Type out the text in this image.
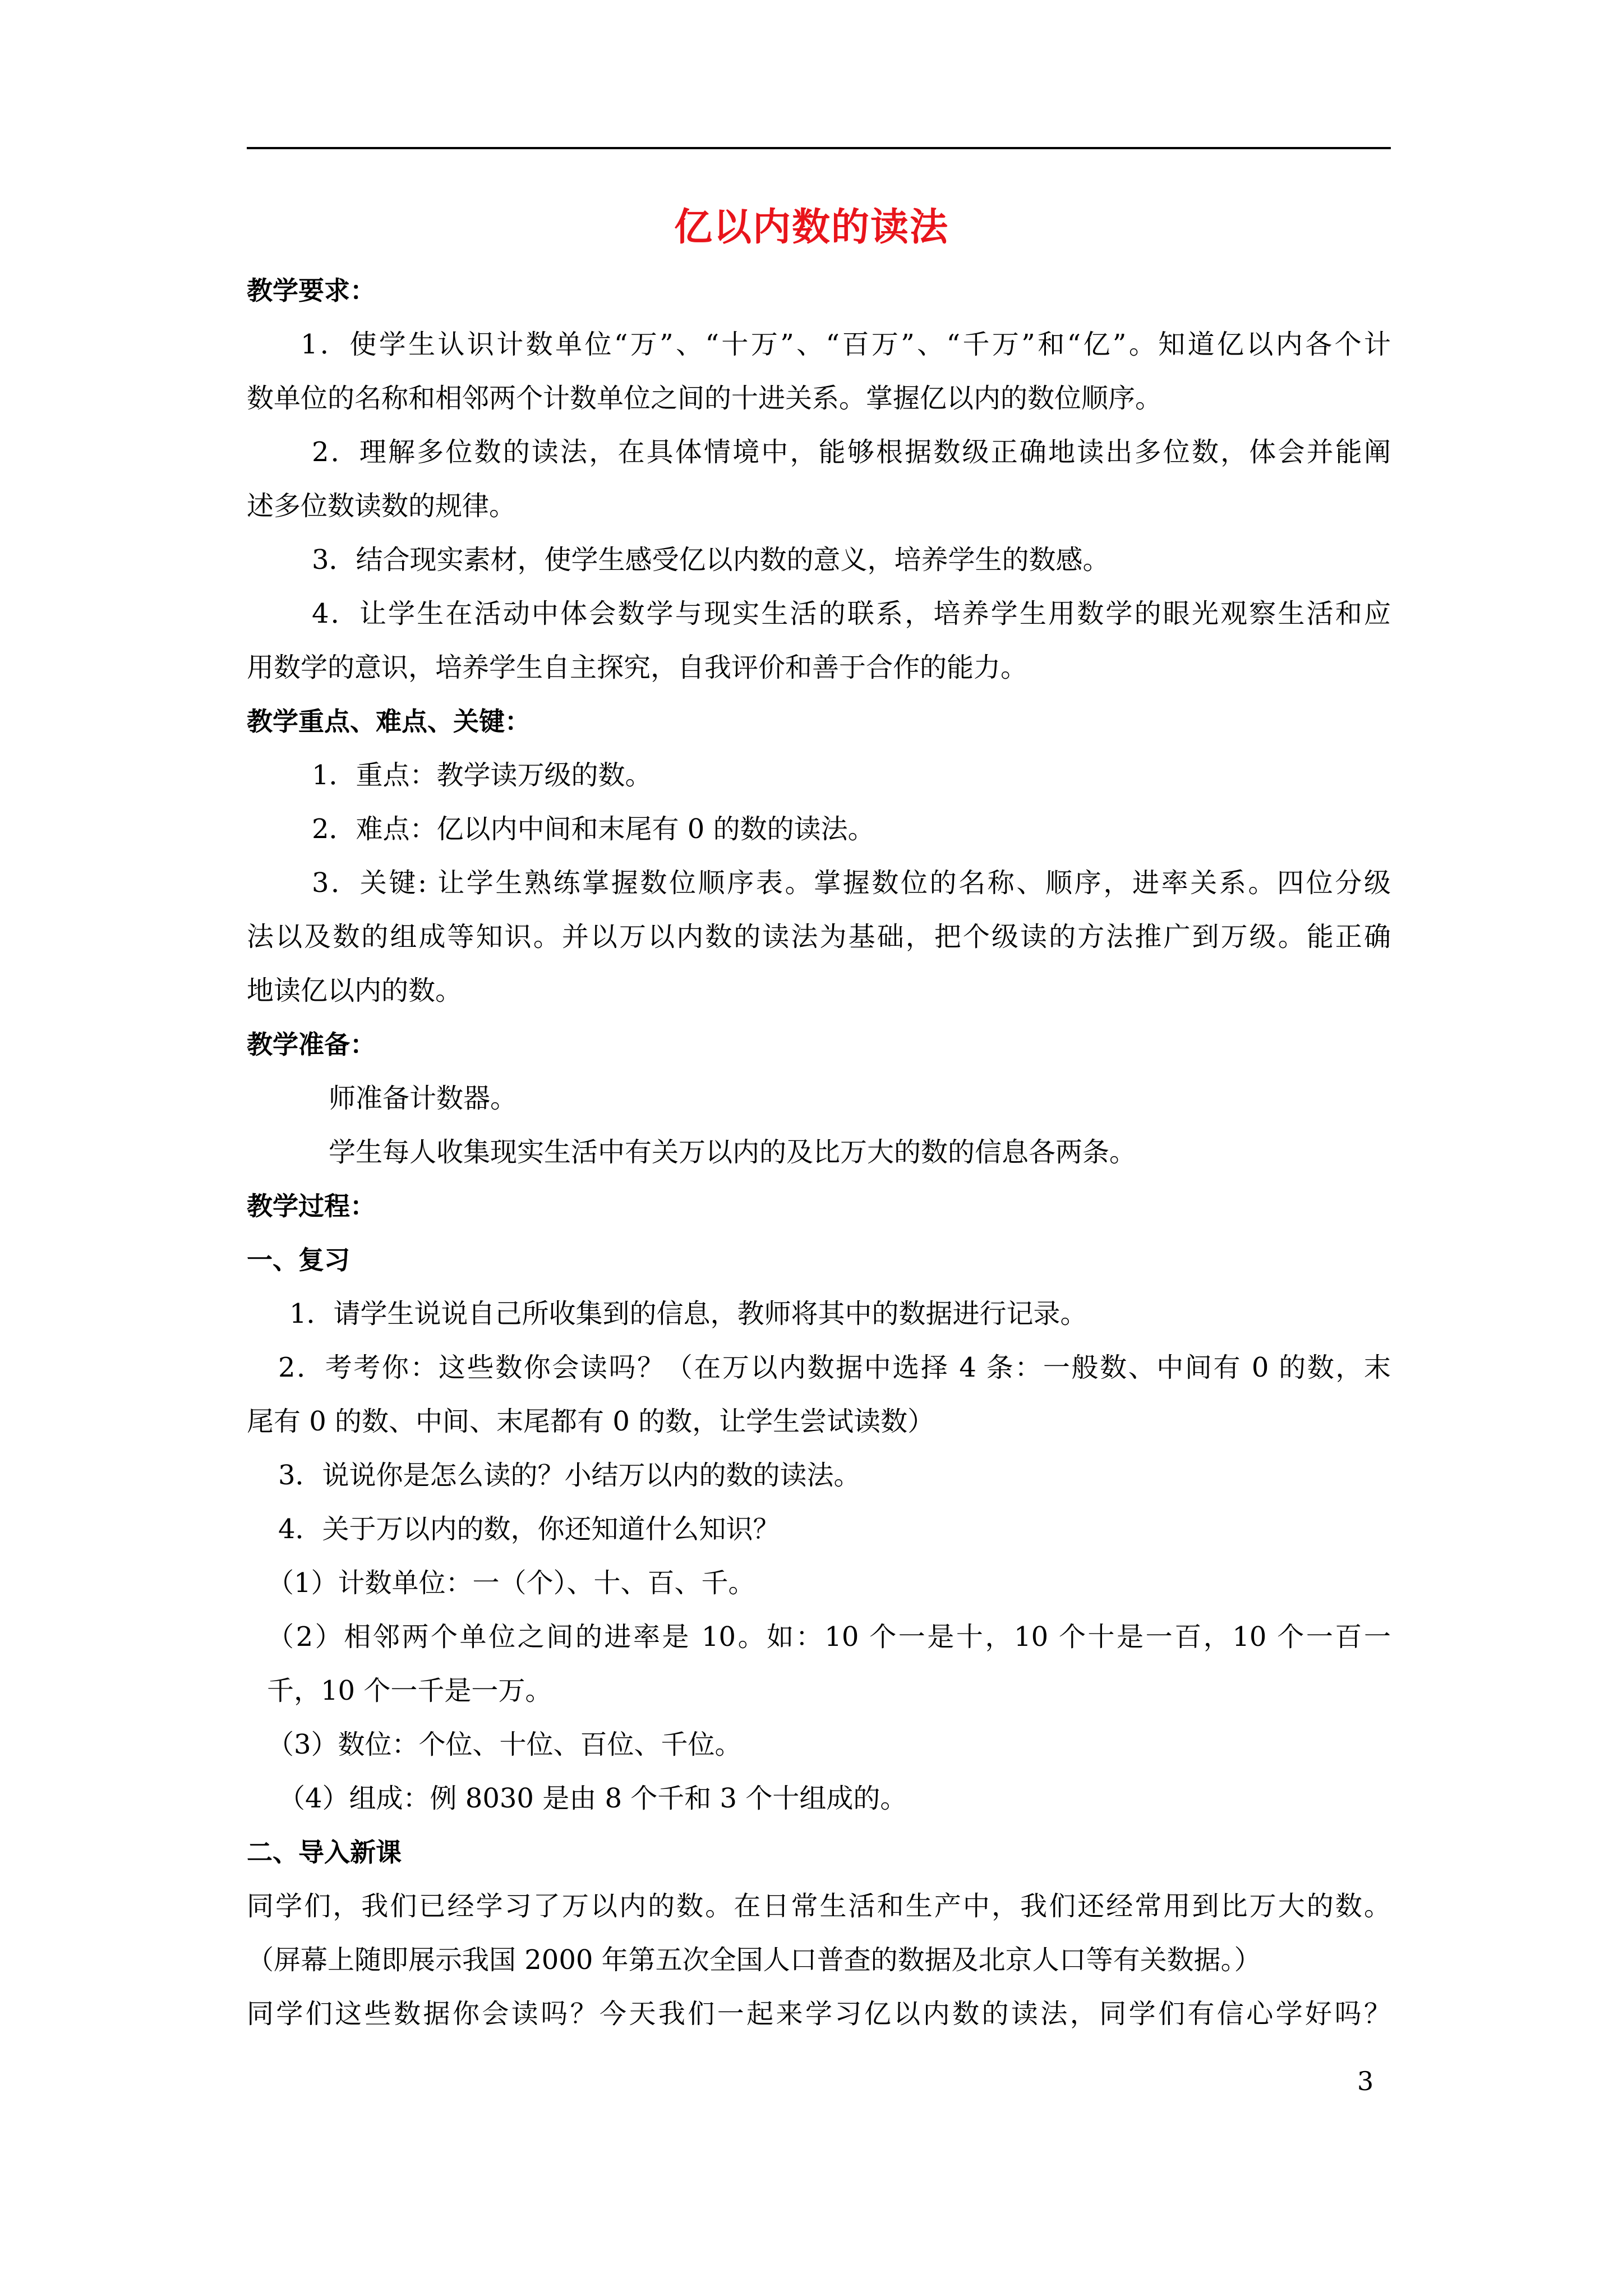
亿以内数的读法
教学要求：
1．使学生认识计数单位“万”、“十万”、“百万”、“千万”和“亿”。知道亿以内各个计
数单位的名称和相邻两个计数单位之间的十进关系。掌握亿以内的数位顺序。
2．理解多位数的读法，在具体情境中，能够根据数级正确地读出多位数，体会并能阐
述多位数读数的规律。
3．结合现实素材，使学生感受亿以内数的意义，培养学生的数感。
4．让学生在活动中体会数学与现实生活的联系，培养学生用数学的眼光观察生活和应
用数学的意识，培养学生自主探究，自我评价和善于合作的能力。
教学重点、难点、关键：
1．重点：教学读万级的数。
2．难点：亿以内中间和末尾有 0 的数的读法。
3．关键: 让学生熟练掌握数位顺序表。掌握数位的名称、顺序，进率关系。四位分级
法以及数的组成等知识。并以万以内数的读法为基础，把个级读的方法推广到万级。能正确
地读亿以内的数。
教学准备：
师准备计数器。
学生每人收集现实生活中有关万以内的及比万大的数的信息各两条。
教学过程：
一、复习
1．请学生说说自己所收集到的信息，教师将其中的数据进行记录。
2．考考你：这些数你会读吗？（在万以内数据中选择 4 条：一般数、中间有 0 的数，末
尾有 0 的数、中间、末尾都有 0 的数，让学生尝试读数）
3．说说你是怎么读的？小结万以内的数的读法。
4．关于万以内的数，你还知道什么知识？
（1）计数单位：一（个）、十、百、千。
（2）相邻两个单位之间的进率是 10。如：10 个一是十，10 个十是一百，10 个一百一
千，10 个一千是一万。
（3）数位：个位、十位、百位、千位。
（4）组成：例 8030 是由 8 个千和 3 个十组成的。
二、导入新课
同学们，我们已经学习了万以内的数。在日常生活和生产中，我们还经常用到比万大的数。
（屏幕上随即展示我国 2000 年第五次全国人口普查的数据及北京人口等有关数据。）
同学们这些数据你会读吗？今天我们一起来学习亿以内数的读法，同学们有信心学好吗？
3
